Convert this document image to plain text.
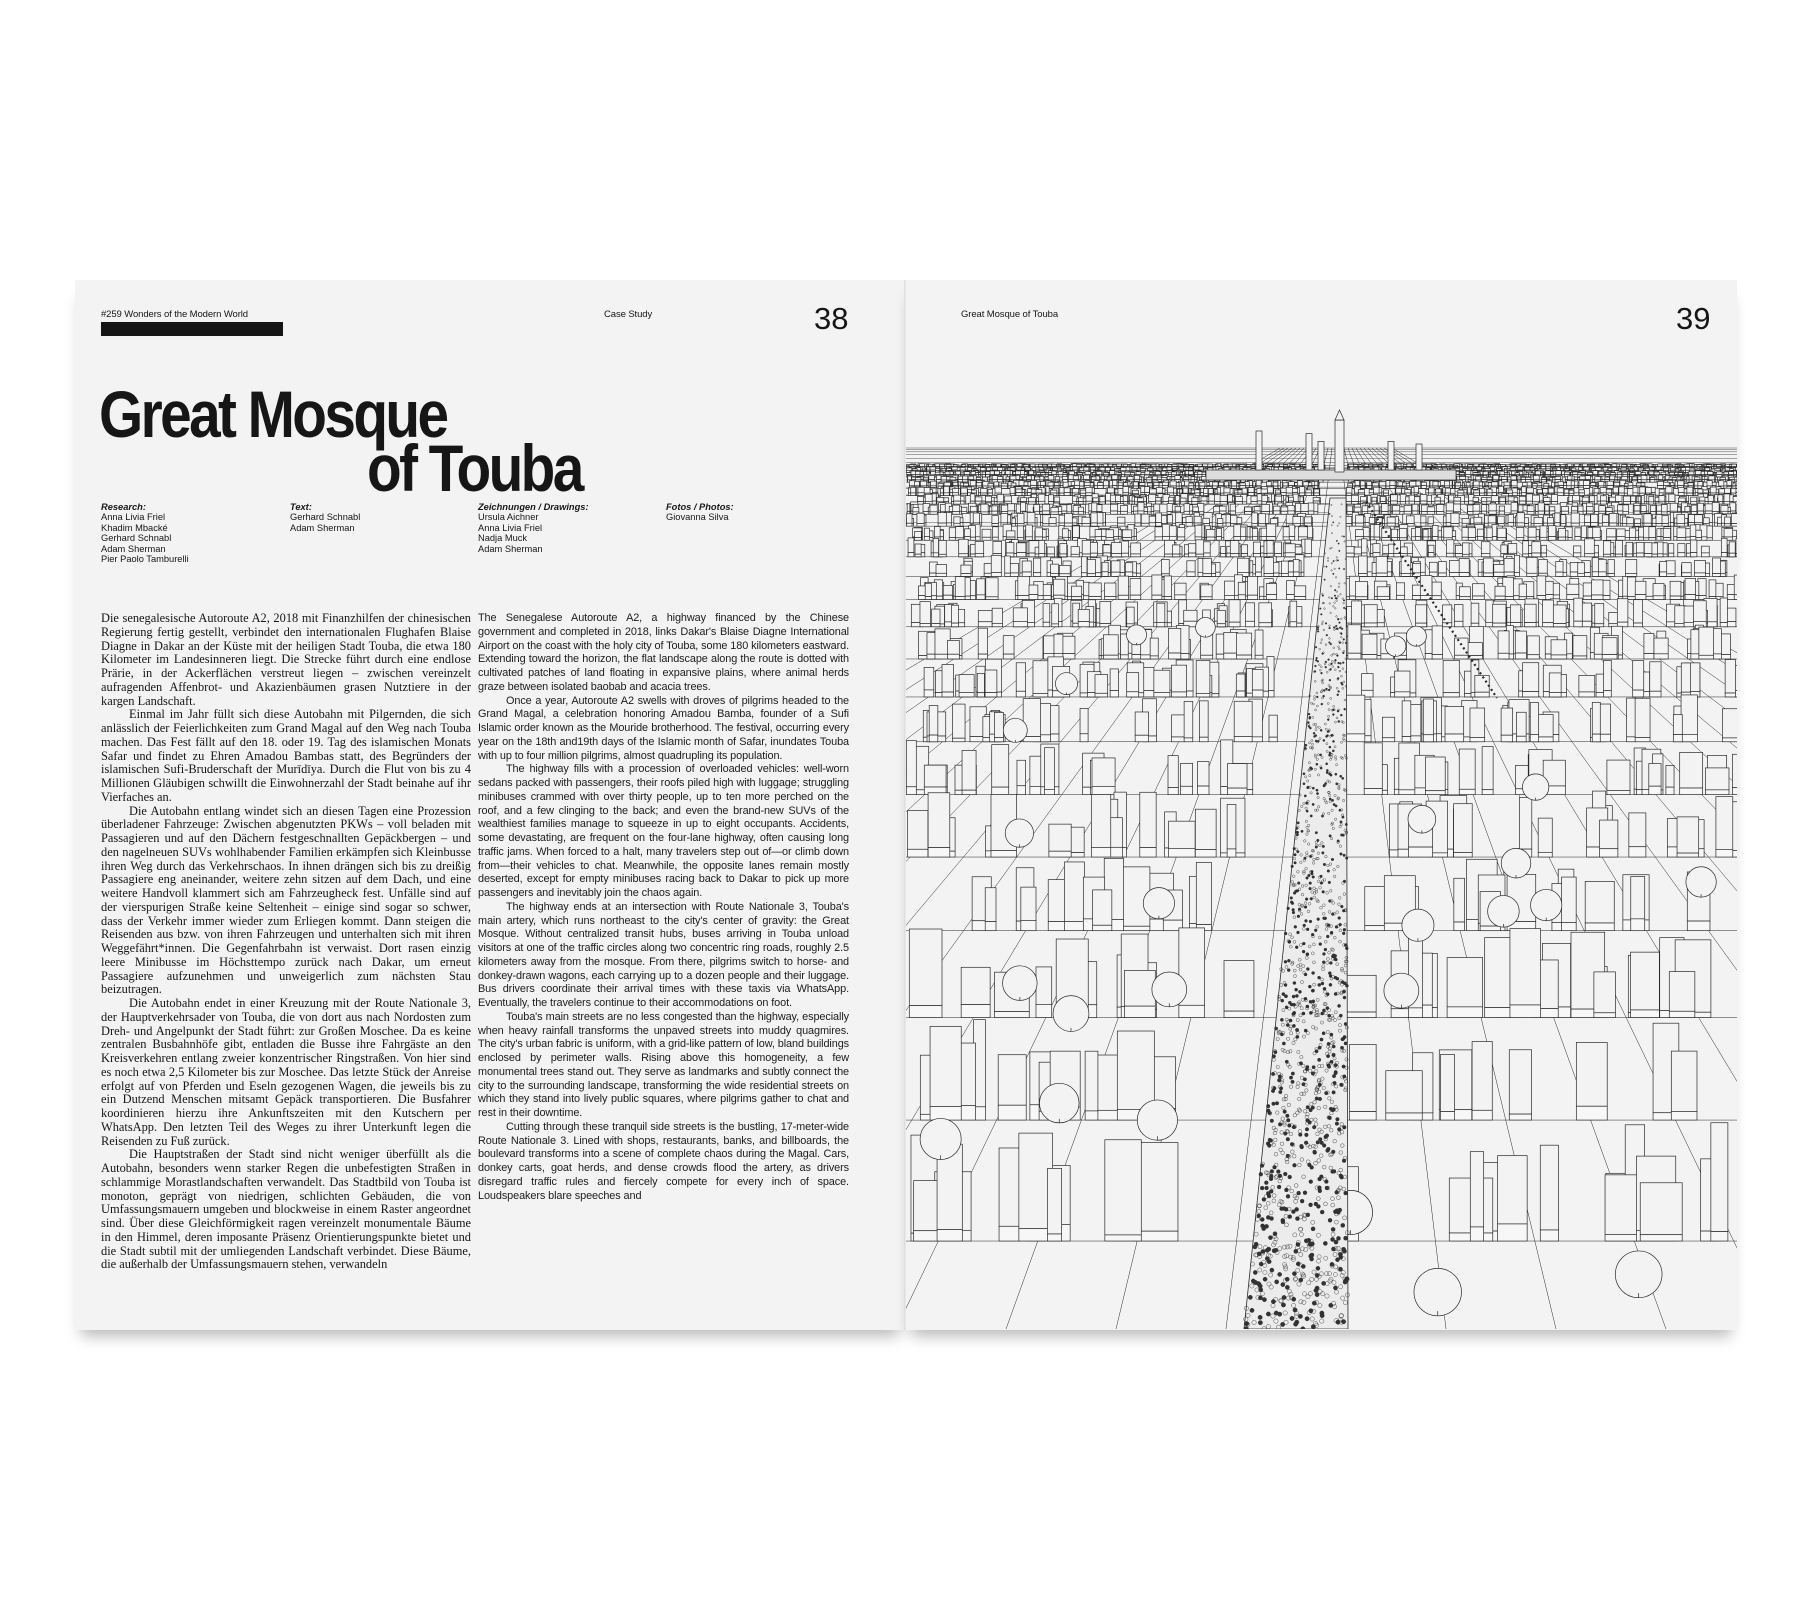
#259 Wonders of the Modern World	Case Study	38
Great Mosque
of Touba
Research:
Anna Livia Friel
Khadim Mbacké
Gerhard Schnabl
Adam Sherman
Pier Paolo Tamburelli
Text:
Gerhard Schnabl
Adam Sherman
Zeichnungen / Drawings:
Ursula Aichner
Anna Livia Friel
Nadja Muck
Adam Sherman
Fotos / Photos:
Giovanna Silva

Die senegalesische Autoroute A2, 2018 mit Finanzhilfen der chinesischen Regierung fertig gestellt, verbindet den internationalen Flughafen Blaise Diagne in Dakar an der Küste mit der heiligen Stadt Touba, die etwa 180 Kilometer im Landesinneren liegt. Die Strecke führt durch eine endlose Prärie, in der Ackerflächen verstreut liegen – zwischen vereinzelt aufragenden Affenbrot- und Akazienbäumen grasen Nutztiere in der kargen Landschaft.

Einmal im Jahr füllt sich diese Autobahn mit Pilgernden, die sich anlässlich der Feierlichkeiten zum Grand Magal auf den Weg nach Touba machen. Das Fest fällt auf den 18. oder 19. Tag des islamischen Monats Safar und findet zu Ehren Amadou Bambas statt, des Begründers der islamischen Sufi-Bruderschaft der Murīdīya. Durch die Flut von bis zu 4 Millionen Gläubigen schwillt die Einwohnerzahl der Stadt beinahe auf ihr Vierfaches an.

Die Autobahn entlang windet sich an diesen Tagen eine Prozession überladener Fahrzeuge: Zwischen abgenutzten PKWs – voll beladen mit Passagieren und auf den Dächern festgeschnallten Gepäckbergen – und den nagelneuen SUVs wohlhabender Familien erkämpfen sich Kleinbusse ihren Weg durch das Verkehrschaos. In ihnen drängen sich bis zu dreißig Passagiere eng aneinander, weitere zehn sitzen auf dem Dach, und eine weitere Handvoll klammert sich am Fahrzeugheck fest. Unfälle sind auf der vierspurigen Straße keine Seltenheit – einige sind sogar so schwer, dass der Verkehr immer wieder zum Erliegen kommt. Dann steigen die Reisenden aus bzw. von ihren Fahrzeugen und unterhalten sich mit ihren Weggefährt*innen. Die Gegenfahrbahn ist verwaist. Dort rasen einzig leere Minibusse im Höchsttempo zurück nach Dakar, um erneut Passagiere aufzunehmen und unweigerlich zum nächsten Stau beizutragen.

Die Autobahn endet in einer Kreuzung mit der Route Nationale 3, der Hauptverkehrsader von Touba, die von dort aus nach Nordosten zum Dreh- und Angelpunkt der Stadt führt: zur Großen Moschee. Da es keine zentralen Busbahnhöfe gibt, entladen die Busse ihre Fahrgäste an den Kreisverkehren entlang zweier konzentrischer Ringstraßen. Von hier sind es noch etwa 2,5 Kilometer bis zur Moschee. Das letzte Stück der Anreise erfolgt auf von Pferden und Eseln gezogenen Wagen, die jeweils bis zu ein Dutzend Menschen mitsamt Gepäck transportieren. Die Busfahrer koordinieren hierzu ihre Ankunftszeiten mit den Kutschern per WhatsApp. Den letzten Teil des Weges zu ihrer Unterkunft legen die Reisenden zu Fuß zurück.

Die Hauptstraßen der Stadt sind nicht weniger überfüllt als die Autobahn, besonders wenn starker Regen die unbefestigten Straßen in schlammige Morastlandschaften verwandelt. Das Stadtbild von Touba ist monoton, geprägt von niedrigen, schlichten Gebäuden, die von Umfassungsmauern umgeben und blockweise in einem Raster angeordnet sind. Über diese Gleichförmigkeit ragen vereinzelt monumentale Bäume in den Himmel, deren imposante Präsenz Orientierungspunkte bietet und die Stadt subtil mit der umliegenden Landschaft verbindet. Diese Bäume, die außerhalb der Umfassungsmauern stehen, verwandeln

The Senegalese Autoroute A2, a highway financed by the Chinese government and completed in 2018, links Dakar's Blaise Diagne International Airport on the coast with the holy city of Touba, some 180 kilometers eastward. Extending toward the horizon, the flat landscape along the route is dotted with cultivated patches of land floating in expansive plains, where animal herds graze between isolated baobab and acacia trees.

Once a year, Autoroute A2 swells with droves of pilgrims headed to the Grand Magal, a celebration honoring Amadou Bamba, founder of a Sufi Islamic order known as the Mouride brotherhood. The festival, occurring every year on the 18th and19th days of the Islamic month of Safar, inundates Touba with up to four million pilgrims, almost quadrupling its population.

The highway fills with a procession of overloaded vehicles: well-worn sedans packed with passengers, their roofs piled high with luggage; struggling minibuses crammed with over thirty people, up to ten more perched on the roof, and a few clinging to the back; and even the brand-new SUVs of the wealthiest families manage to squeeze in up to eight occupants. Accidents, some devastating, are frequent on the four-lane highway, often causing long traffic jams. When forced to a halt, many travelers step out of—or climb down from—their vehicles to chat. Meanwhile, the opposite lanes remain mostly deserted, except for empty minibuses racing back to Dakar to pick up more passengers and inevitably join the chaos again.

The highway ends at an intersection with Route Nationale 3, Touba's main artery, which runs northeast to the city's center of gravity: the Great Mosque. Without centralized transit hubs, buses arriving in Touba unload visitors at one of the traffic circles along two concentric ring roads, roughly 2.5 kilometers away from the mosque. From there, pilgrims switch to horse- and donkey-drawn wagons, each carrying up to a dozen people and their luggage. Bus drivers coordinate their arrival times with these taxis via WhatsApp. Eventually, the travelers continue to their accommodations on foot.

Touba's main streets are no less congested than the highway, especially when heavy rainfall transforms the unpaved streets into muddy quagmires. The city's urban fabric is uniform, with a grid-like pattern of low, bland buildings enclosed by perimeter walls. Rising above this homogeneity, a few monumental trees stand out. They serve as landmarks and subtly connect the city to the surrounding landscape, transforming the wide residential streets on which they stand into lively public squares, where pilgrims gather to chat and rest in their downtime.

Cutting through these tranquil side streets is the bustling, 17-meter-wide Route Nationale 3. Lined with shops, restaurants, banks, and billboards, the boulevard transforms into a scene of complete chaos during the Magal. Cars, donkey carts, goat herds, and dense crowds flood the artery, as drivers disregard traffic rules and fiercely compete for every inch of space. Loudspeakers blare speeches and

Great Mosque of Touba	39
